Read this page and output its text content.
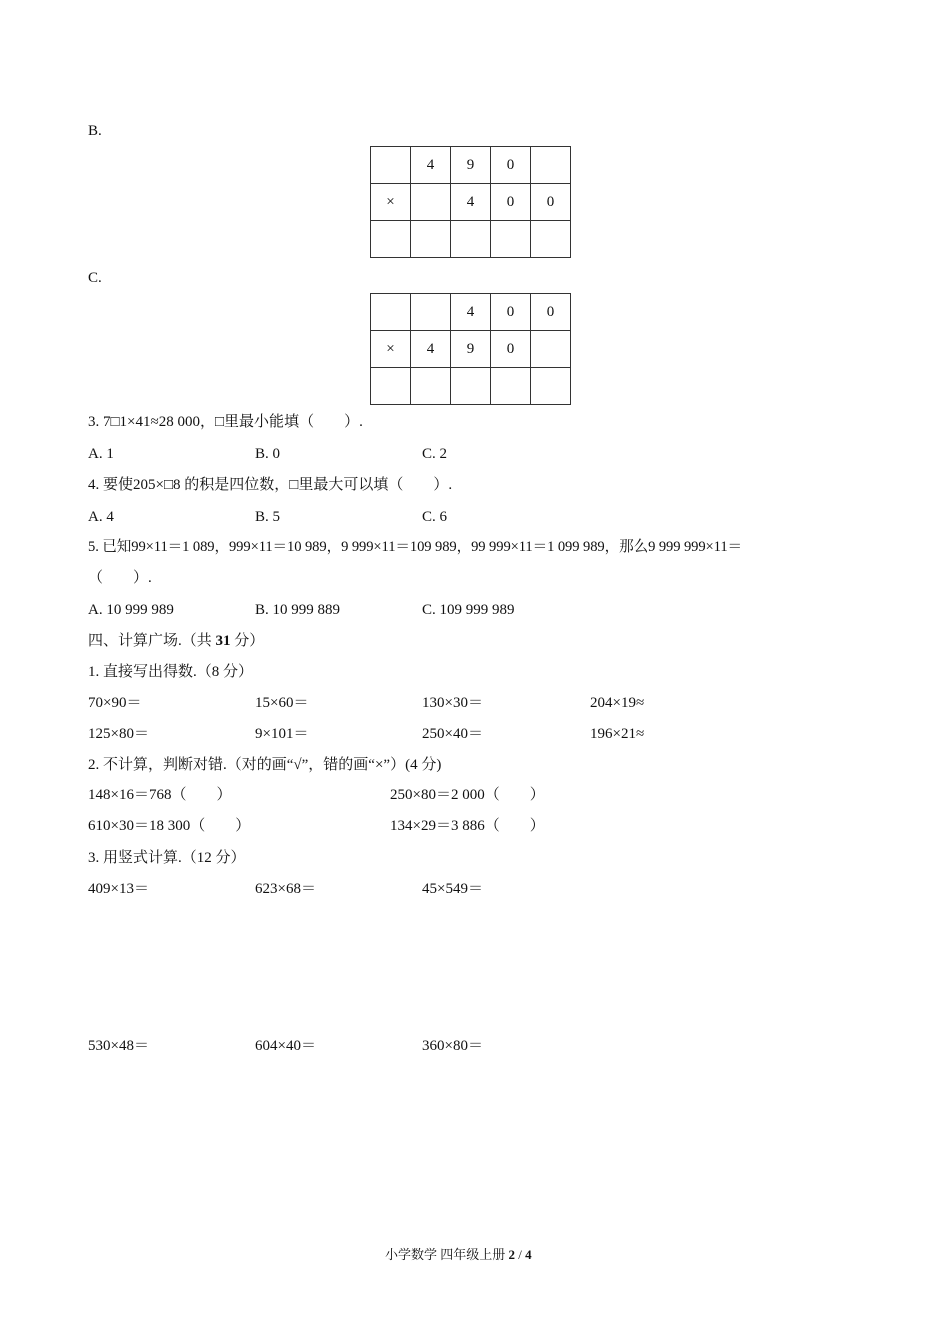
B.
	4	9	0	
×		4	0	0

C.
		4	0	0
×	4	9	0	

3. 7□1×41≈28 000，□里最小能填（　　）.
A. 1	B. 0	C. 2
4. 要使205×□8 的积是四位数，□里最大可以填（　　）.
A. 4	B. 5	C. 6
5. 已知99×11＝1 089，999×11＝10 989，9 999×11＝109 989，99 999×11＝1 099 989，那么9 999 999×11＝
（　　）.
A. 10 999 989	B. 10 999 889	C. 109 999 989
四、计算广场.（共 31 分）
1. 直接写出得数.（8 分）
70×90＝	15×60＝	130×30＝	204×19≈
125×80＝	9×101＝	250×40＝	196×21≈
2. 不计算，判断对错.（对的画“√”，错的画“×”）(4 分)
148×16＝768（　　）	250×80＝2 000（　　）
610×30＝18 300（　　）	134×29＝3 886（　　）
3. 用竖式计算.（12 分）
409×13＝	623×68＝	45×549＝
530×48＝	604×40＝	360×80＝
小学数学 四年级上册 2 / 4
